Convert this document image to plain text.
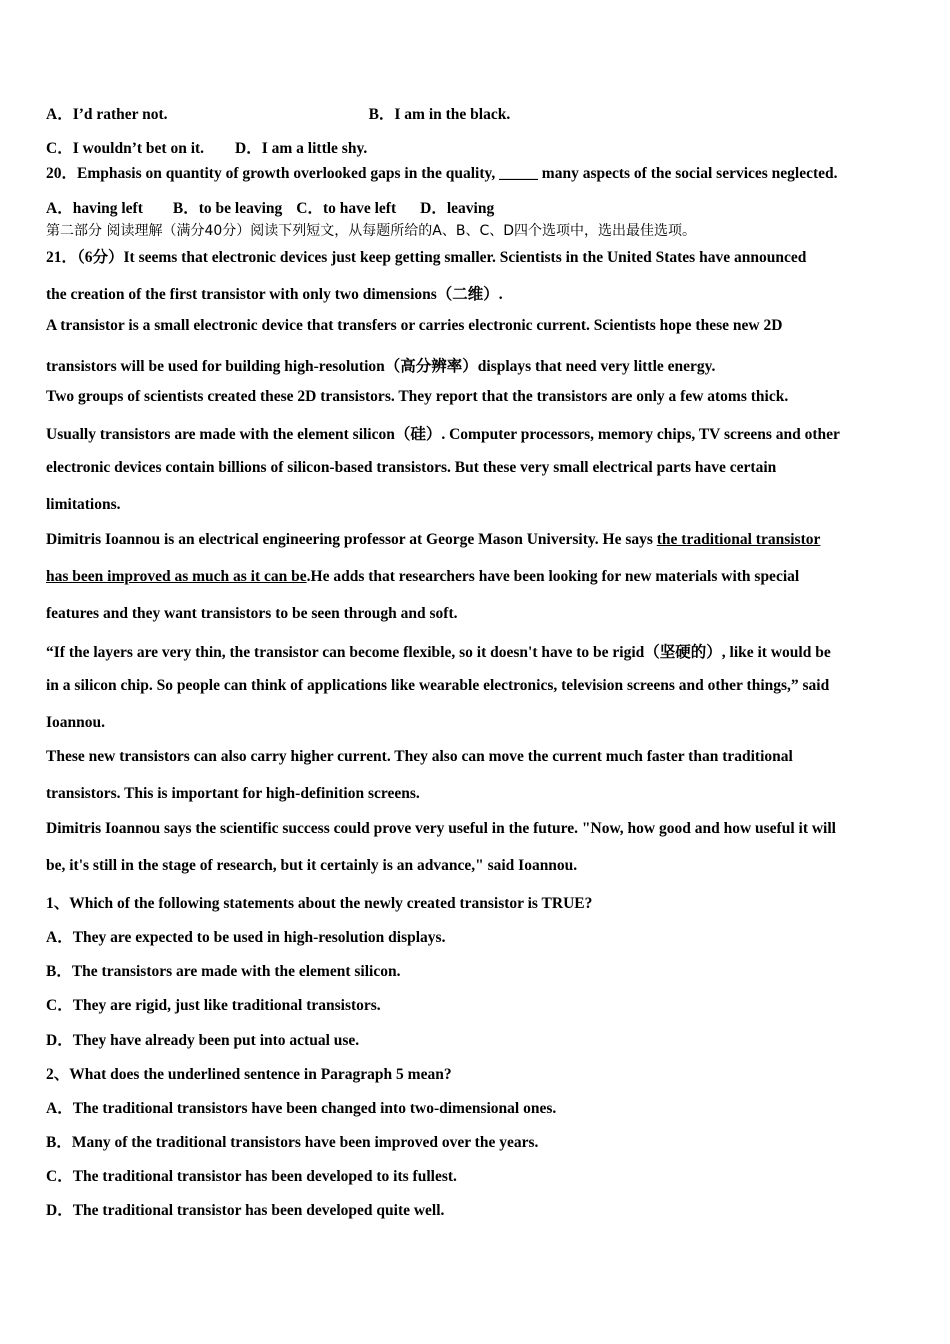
A．I’d rather not.	B．I am in the black.
C．I wouldn’t bet on it. D．I am a little shy.
20．Emphasis on quantity of growth overlooked gaps in the quality, _____ many aspects of the social services neglected.
A．having left B．to be leaving C．to have left D．leaving
第二部分 阅读理解（满分40分）阅读下列短文，从每题所给的A、B、C、D四个选项中，选出最佳选项。
21．（6分）It seems that electronic devices just keep getting smaller. Scientists in the United States have announced
the creation of the first transistor with only two dimensions（二维）.
A transistor is a small electronic device that transfers or carries electronic current. Scientists hope these new 2D
transistors will be used for building high-resolution（高分辨率）displays that need very little energy.
Two groups of scientists created these 2D transistors. They report that the transistors are only a few atoms thick.
Usually transistors are made with the element silicon（硅）. Computer processors, memory chips, TV screens and other
electronic devices contain billions of silicon-based transistors. But these very small electrical parts have certain
limitations.
Dimitris Ioannou is an electrical engineering professor at George Mason University. He says the traditional transistor
has been improved as much as it can be.He adds that researchers have been looking for new materials with special
features and they want transistors to be seen through and soft.
“If the layers are very thin, the transistor can become flexible, so it doesn't have to be rigid（坚硬的）, like it would be
in a silicon chip. So people can think of applications like wearable electronics, television screens and other things,” said
Ioannou.
These new transistors can also carry higher current. They also can move the current much faster than traditional
transistors. This is important for high-definition screens.
Dimitris Ioannou says the scientific success could prove very useful in the future. "Now, how good and how useful it will
be, it's still in the stage of research, but it certainly is an advance," said Ioannou.
1、Which of the following statements about the newly created transistor is TRUE?
A．They are expected to be used in high-resolution displays.
B．The transistors are made with the element silicon.
C．They are rigid, just like traditional transistors.
D．They have already been put into actual use.
2、What does the underlined sentence in Paragraph 5 mean?
A．The traditional transistors have been changed into two-dimensional ones.
B．Many of the traditional transistors have been improved over the years.
C．The traditional transistor has been developed to its fullest.
D．The traditional transistor has been developed quite well.
